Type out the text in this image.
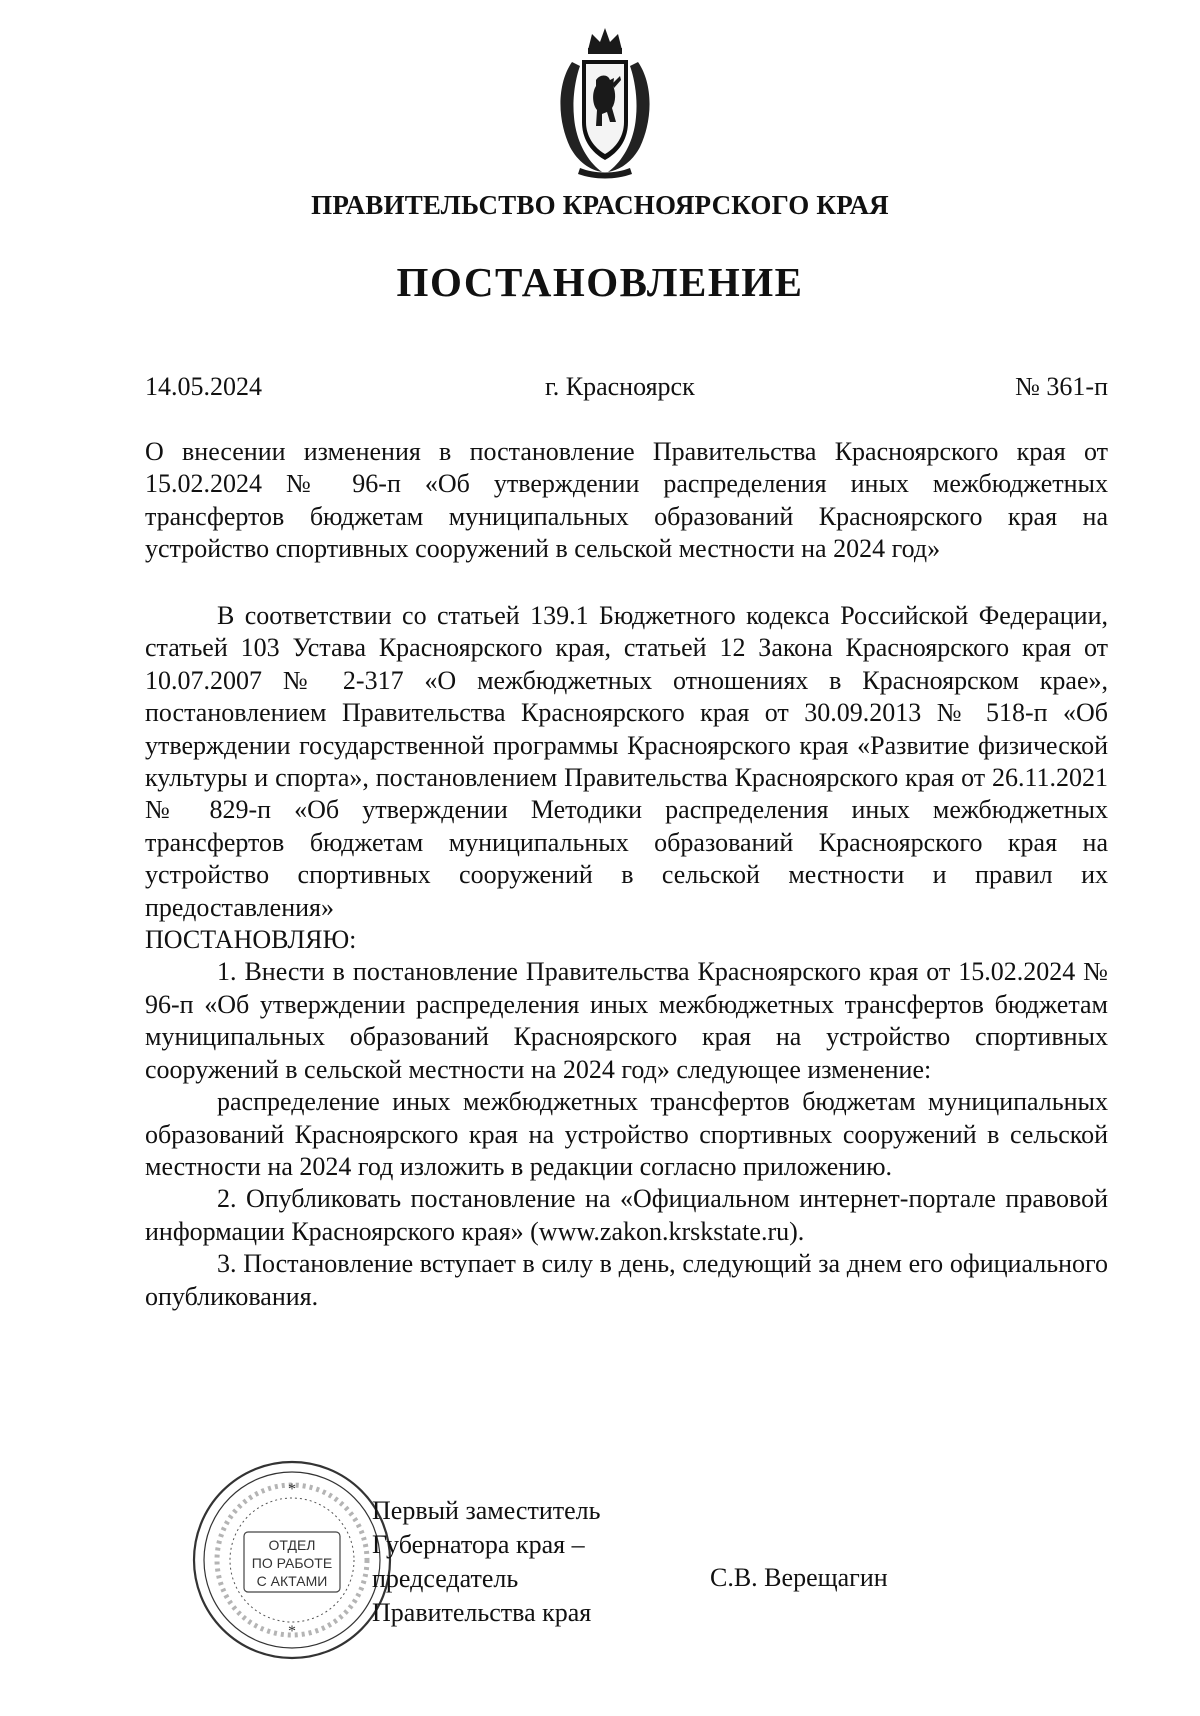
ПРАВИТЕЛЬСТВО КРАСНОЯРСКОГО КРАЯ
ПОСТАНОВЛЕНИЕ
14.05.2024	г. Красноярск	№ 361-п
О внесении изменения в постановление Правительства Красноярского края от 15.02.2024 № 96-п «Об утверждении распределения иных межбюджетных трансфертов бюджетам муниципальных образований Красноярского края на устройство спортивных сооружений в сельской местности на 2024 год»

В соответствии со статьей 139.1 Бюджетного кодекса Российской Федерации, статьей 103 Устава Красноярского края, статьей 12 Закона Красноярского края от 10.07.2007 № 2-317 «О межбюджетных отношениях в Красноярском крае», постановлением Правительства Красноярского края от 30.09.2013 № 518-п «Об утверждении государственной программы Красноярского края «Развитие физической культуры и спорта», постановлением Правительства Красноярского края от 26.11.2021 № 829-п «Об утверждении Методики распределения иных межбюджетных трансфертов бюджетам муниципальных образований Красноярского края на устройство спортивных сооружений в сельской местности и правил их предоставления»

ПОСТАНОВЛЯЮ:

1. Внести в постановление Правительства Красноярского края от 15.02.2024 № 96-п «Об утверждении распределения иных межбюджетных трансфертов бюджетам муниципальных образований Красноярского края на устройство спортивных сооружений в сельской местности на 2024 год» следующее изменение:

распределение иных межбюджетных трансфертов бюджетам муниципальных образований Красноярского края на устройство спортивных сооружений в сельской местности на 2024 год изложить в редакции согласно приложению.

2. Опубликовать постановление на «Официальном интернет-портале правовой информации Красноярского края» (www.zakon.krskstate.ru).

3. Постановление вступает в силу в день, следующий за днем его официального опубликования.

ОТДЕЛ
ПО РАБОТЕ
С АКТАМИ
*
*
Первый заместитель
Губернатора края –
председатель
Правительства края
С.В. Верещагин
